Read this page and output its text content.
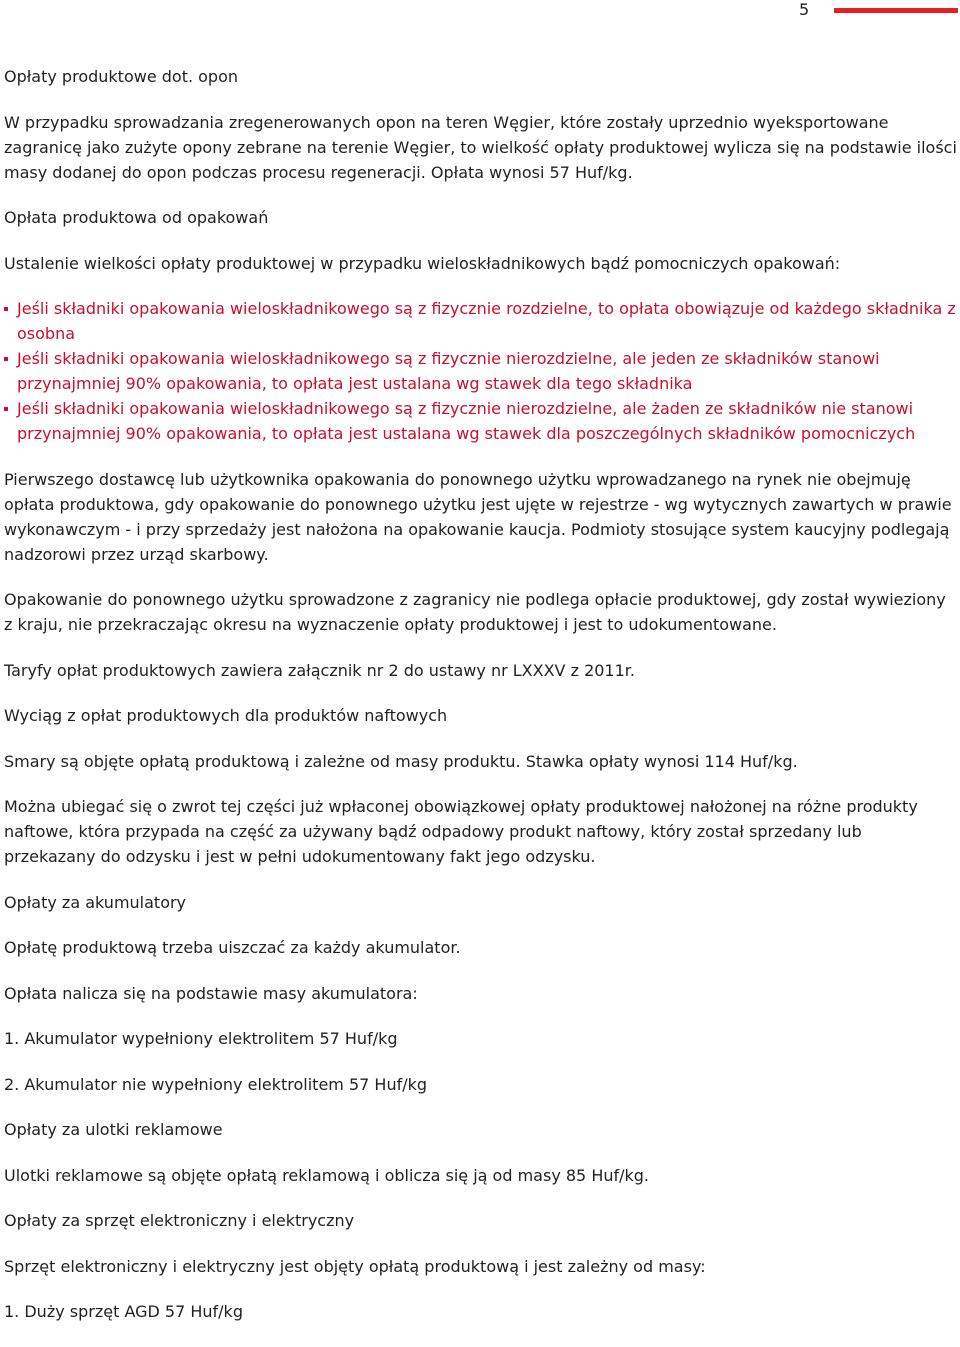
5

Opłaty produktowe dot. opon

W przypadku sprowadzania zregenerowanych opon na teren Węgier, które zostały uprzednio wyeksportowane zagranicę jako zużyte opony zebrane na terenie Węgier, to wielkość opłaty produktowej wylicza się na podstawie ilości masy dodanej do opon podczas procesu regeneracji. Opłata wynosi 57 Huf/kg.

Opłata produktowa od opakowań

Ustalenie wielkości opłaty produktowej w przypadku wieloskładnikowych bądź pomocniczych opakowań:

Jeśli składniki opakowania wieloskładnikowego są z fizycznie rozdzielne, to opłata obowiązuje od każdego składnika z osobna
Jeśli składniki opakowania wieloskładnikowego są z fizycznie nierozdzielne, ale jeden ze składników stanowi przynajmniej 90% opakowania, to opłata jest ustalana wg stawek dla tego składnika
Jeśli składniki opakowania wieloskładnikowego są z fizycznie nierozdzielne, ale żaden ze składników nie stanowi przynajmniej 90% opakowania, to opłata jest ustalana wg stawek dla poszczególnych składników pomocniczych

Pierwszego dostawcę lub użytkownika opakowania do ponownego użytku wprowadzanego na rynek nie obejmuję opłata produktowa, gdy opakowanie do ponownego użytku jest ujęte w rejestrze - wg wytycznych zawartych w prawie wykonawczym - i przy sprzedaży jest nałożona na opakowanie kaucja. Podmioty stosujące system kaucyjny podlegają nadzorowi przez urząd skarbowy.

Opakowanie do ponownego użytku sprowadzone z zagranicy nie podlega opłacie produktowej, gdy został wywieziony z kraju, nie przekraczając okresu na wyznaczenie opłaty produktowej i jest to udokumentowane.

Taryfy opłat produktowych zawiera załącznik nr 2 do ustawy nr LXXXV z 2011r.

Wyciąg z opłat produktowych dla produktów naftowych

Smary są objęte opłatą produktową i zależne od masy produktu. Stawka opłaty wynosi 114 Huf/kg.

Można ubiegać się o zwrot tej części już wpłaconej obowiązkowej opłaty produktowej nałożonej na różne produkty naftowe, która przypada na część za używany bądź odpadowy produkt naftowy, który został sprzedany lub przekazany do odzysku i jest w pełni udokumentowany fakt jego odzysku.

Opłaty za akumulatory

Opłatę produktową trzeba uiszczać za każdy akumulator.

Opłata nalicza się na podstawie masy akumulatora:

1. Akumulator wypełniony elektrolitem 57 Huf/kg

2. Akumulator nie wypełniony elektrolitem 57 Huf/kg

Opłaty za ulotki reklamowe

Ulotki reklamowe są objęte opłatą reklamową i oblicza się ją od masy 85 Huf/kg.

Opłaty za sprzęt elektroniczny i elektryczny

Sprzęt elektroniczny i elektryczny jest objęty opłatą produktową i jest zależny od masy:

1. Duży sprzęt AGD 57 Huf/kg
